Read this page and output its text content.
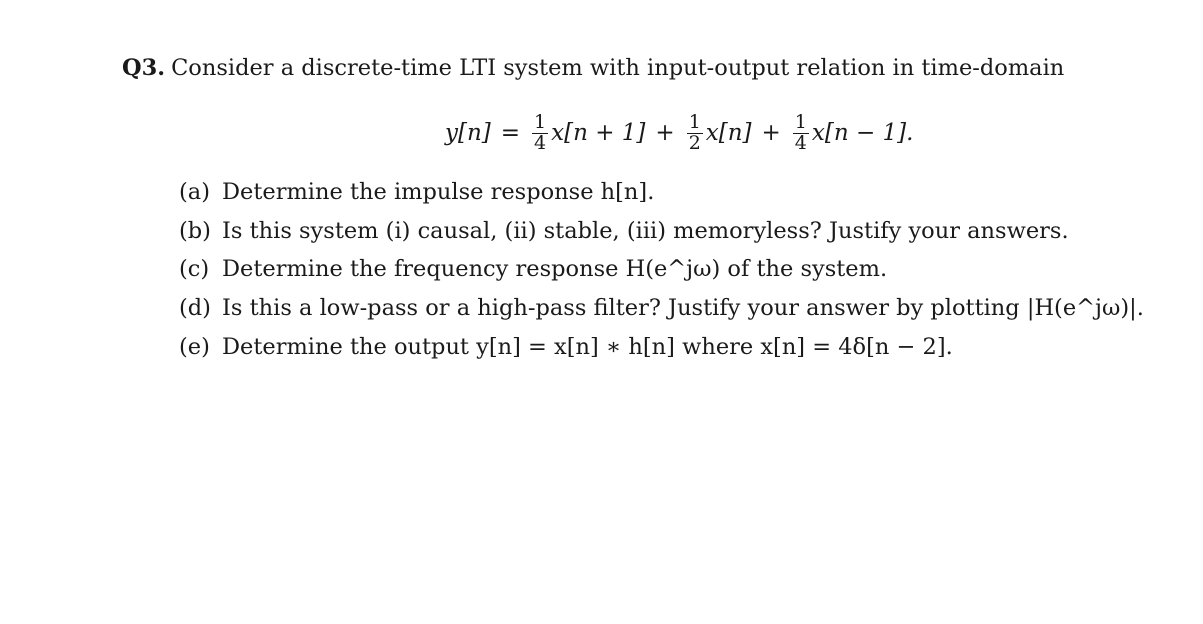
Q3. Consider a discrete-time LTI system with input-output relation in time-domain
$y[n] = \frac{1}{4} x[n + 1] + \frac{1}{2} x[n] + \frac{1}{4} x[n - 1]$.
(a) Determine the impulse response h[n].
(b) Is this system (i) causal, (ii) stable, (iii) memoryless? Justify your answers.
(c) Determine the frequency response H(e^jω) of the system.
(d) Is this a low-pass or a high-pass filter? Justify your answer by plotting |H(e^jω)|.
(e) Determine the output y[n] = x[n] ∗ h[n] where x[n] = 4δ[n − 2].
